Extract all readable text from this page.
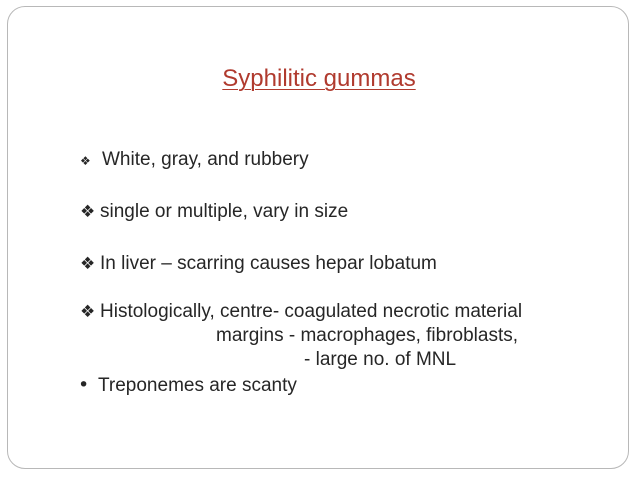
Syphilitic gummas
❖ White, gray, and rubbery
❖ single or multiple, vary in size
❖ In liver – scarring causes hepar lobatum
❖ Histologically, centre- coagulated necrotic material
margins - macrophages, fibroblasts,
- large no. of MNL
• Treponemes are scanty
